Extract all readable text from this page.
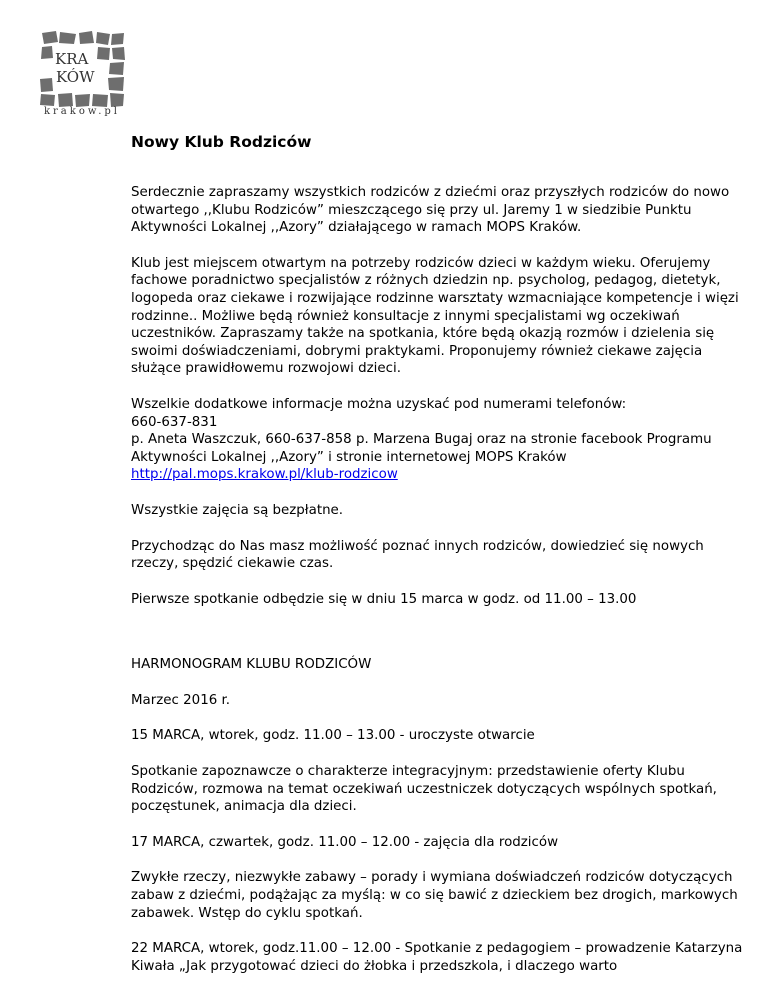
KRA
KÓW
krakow.pl
Nowy Klub Rodziców

Serdecznie zapraszamy wszystkich rodziców z dziećmi oraz przyszłych rodziców do nowo otwartego ,,Klubu Rodziców” mieszczącego się przy ul. Jaremy 1 w siedzibie Punktu Aktywności Lokalnej ,,Azory” działającego w ramach MOPS Kraków.

Klub jest miejscem otwartym na potrzeby rodziców dzieci w każdym wieku. Oferujemy fachowe poradnictwo specjalistów z różnych dziedzin np. psycholog, pedagog, dietetyk, logopeda oraz ciekawe i rozwijające rodzinne warsztaty wzmacniające kompetencje i więzi rodzinne.. Możliwe będą również konsultacje z innymi specjalistami wg oczekiwań uczestników. Zapraszamy także na spotkania, które będą okazją rozmów i dzielenia się swoimi doświadczeniami, dobrymi praktykami. Proponujemy również ciekawe zajęcia służące prawidłowemu rozwojowi dzieci.

Wszelkie dodatkowe informacje można uzyskać pod numerami telefonów:

660-637-831

p. Aneta Waszczuk, 660-637-858 p. Marzena Bugaj oraz na stronie facebook Programu Aktywności Lokalnej ,,Azory” i stronie internetowej MOPS Kraków

http://pal.mops.krakow.pl/klub-rodzicow

Wszystkie zajęcia są bezpłatne.

Przychodząc do Nas masz możliwość poznać innych rodziców, dowiedzieć się nowych rzeczy, spędzić ciekawie czas.

Pierwsze spotkanie odbędzie się w dniu 15 marca w godz. od 11.00 – 13.00

HARMONOGRAM KLUBU RODZICÓW

Marzec 2016 r.

15 MARCA, wtorek, godz. 11.00 – 13.00 - uroczyste otwarcie

Spotkanie zapoznawcze o charakterze integracyjnym: przedstawienie oferty Klubu Rodziców, rozmowa na temat oczekiwań uczestniczek dotyczących wspólnych spotkań, poczęstunek, animacja dla dzieci.

17 MARCA, czwartek, godz. 11.00 – 12.00 - zajęcia dla rodziców

Zwykłe rzeczy, niezwykłe zabawy – porady i wymiana doświadczeń rodziców dotyczących zabaw z dziećmi, podążając za myślą: w co się bawić z dzieckiem bez drogich, markowych zabawek. Wstęp do cyklu spotkań.

22 MARCA, wtorek, godz.11.00 – 12.00 - Spotkanie z pedagogiem – prowadzenie Katarzyna Kiwała „Jak przygotować dzieci do żłobka i przedszkola, i dlaczego warto
